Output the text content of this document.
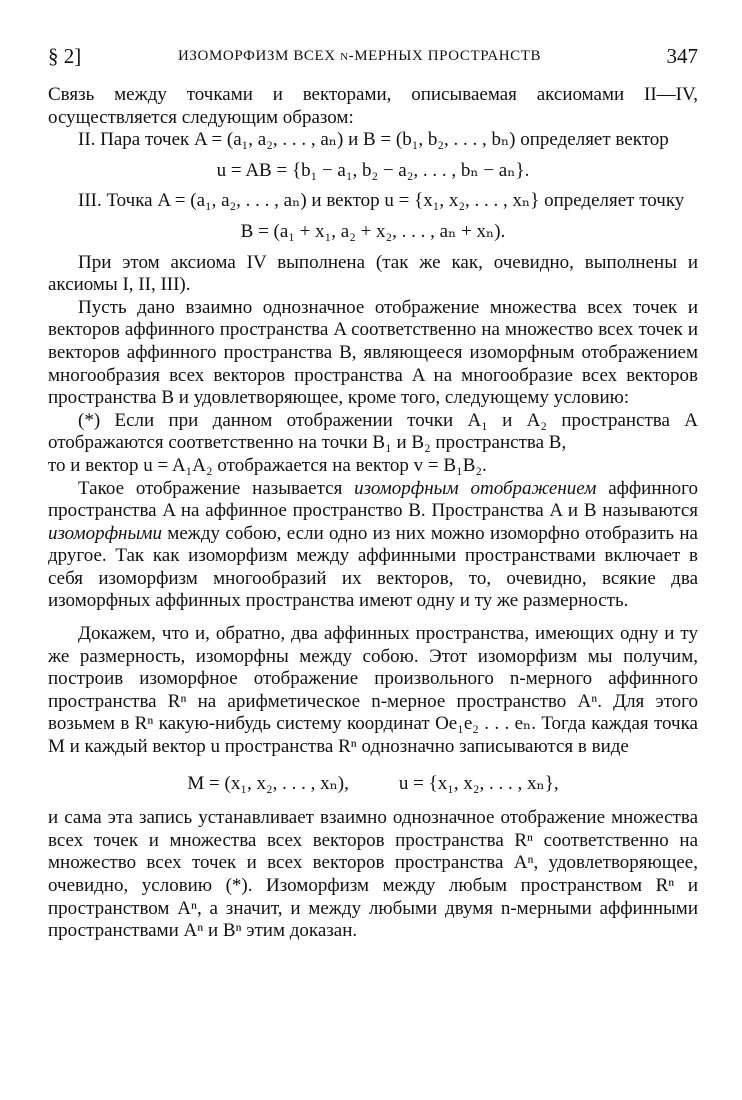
§ 2]	ИЗОМОРФИЗМ ВСЕХ n-МЕРНЫХ ПРОСТРАНСТВ	347

Связь между точками и векторами, описываемая аксиомами II—IV, осуществляется следующим образом:

II. Пара точек A = (a₁, a₂, . . . , aₙ) и B = (b₁, b₂, . . . , bₙ) определяет вектор

u = AB = {b₁ − a₁, b₂ − a₂, . . . , bₙ − aₙ}.

III. Точка A = (a₁, a₂, . . . , aₙ) и вектор u = {x₁, x₂, . . . , xₙ} определяет точку

B = (a₁ + x₁, a₂ + x₂, . . . , aₙ + xₙ).

При этом аксиома IV выполнена (так же как, очевидно, выполнены и аксиомы I, II, III).

Пусть дано взаимно однозначное отображение множества всех точек и векторов аффинного пространства A соответственно на множество всех точек и векторов аффинного пространства B, являющееся изоморфным отображением многообразия всех векторов пространства A на многообразие всех векторов пространства B и удовлетворяющее, кроме того, следующему условию:

(*) Если при данном отображении точки A₁ и A₂ пространства A отображаются соответственно на точки B₁ и B₂ пространства B,

то и вектор u = A₁A₂ отображается на вектор v = B₁B₂.

Такое отображение называется изоморфным отображением аффинного пространства A на аффинное пространство B. Пространства A и B называются изоморфными между собою, если одно из них можно изоморфно отобразить на другое. Так как изоморфизм между аффинными пространствами включает в себя изоморфизм многообразий их векторов, то, очевидно, всякие два изоморфных аффинных пространства имеют одну и ту же размерность.

Докажем, что и, обратно, два аффинных пространства, имеющих одну и ту же размерность, изоморфны между собою. Этот изоморфизм мы получим, построив изоморфное отображение произвольного n-мерного аффинного пространства Rⁿ на арифметическое n-мерное пространство Aⁿ. Для этого возьмем в Rⁿ какую-нибудь систему координат Oe₁e₂ . . . eₙ. Тогда каждая точка M и каждый вектор u пространства Rⁿ однозначно записываются в виде

M = (x₁, x₂, . . . , xₙ),	u = {x₁, x₂, . . . , xₙ},

и сама эта запись устанавливает взаимно однозначное отображение множества всех точек и множества всех векторов пространства Rⁿ соответственно на множество всех точек и всех векторов пространства Aⁿ, удовлетворяющее, очевидно, условию (*). Изоморфизм между любым пространством Rⁿ и пространством Aⁿ, а значит, и между любыми двумя n-мерными аффинными пространствами Aⁿ и Bⁿ этим доказан.
